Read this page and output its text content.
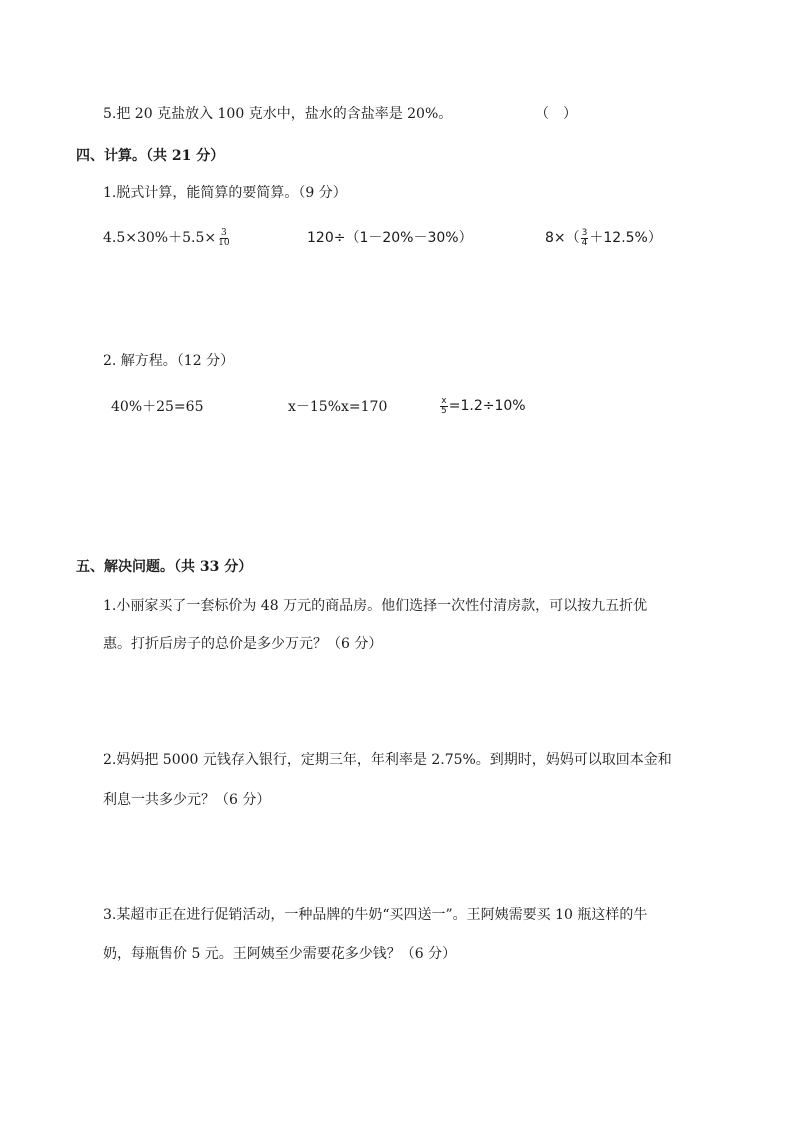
5.把 20 克盐放入 100 克水中，盐水的含盐率是 20%。	（　）
四、计算。（共 21 分）
1.脱式计算，能简算的要简算。（9 分）
$4.5\times 30\%+5.5\times \frac{3}{10}$	120÷（1－20%－30%）	$8\times( \frac{3}{4} +12.5\%)$
2. 解方程。（12 分）
40%＋25=65	x－15%x=170	$\frac{x}{5} =1.2\div 10\%$
五、解决问题。（共 33 分）
1.小丽家买了一套标价为 48 万元的商品房。他们选择一次性付清房款，可以按九五折优
惠。打折后房子的总价是多少万元？（6 分）
2.妈妈把 5000 元钱存入银行，定期三年，年利率是 2.75%。到期时，妈妈可以取回本金和
利息一共多少元？（6 分）
3.某超市正在进行促销活动，一种品牌的牛奶“买四送一”。王阿姨需要买 10 瓶这样的牛
奶，每瓶售价 5 元。王阿姨至少需要花多少钱？（6 分）
